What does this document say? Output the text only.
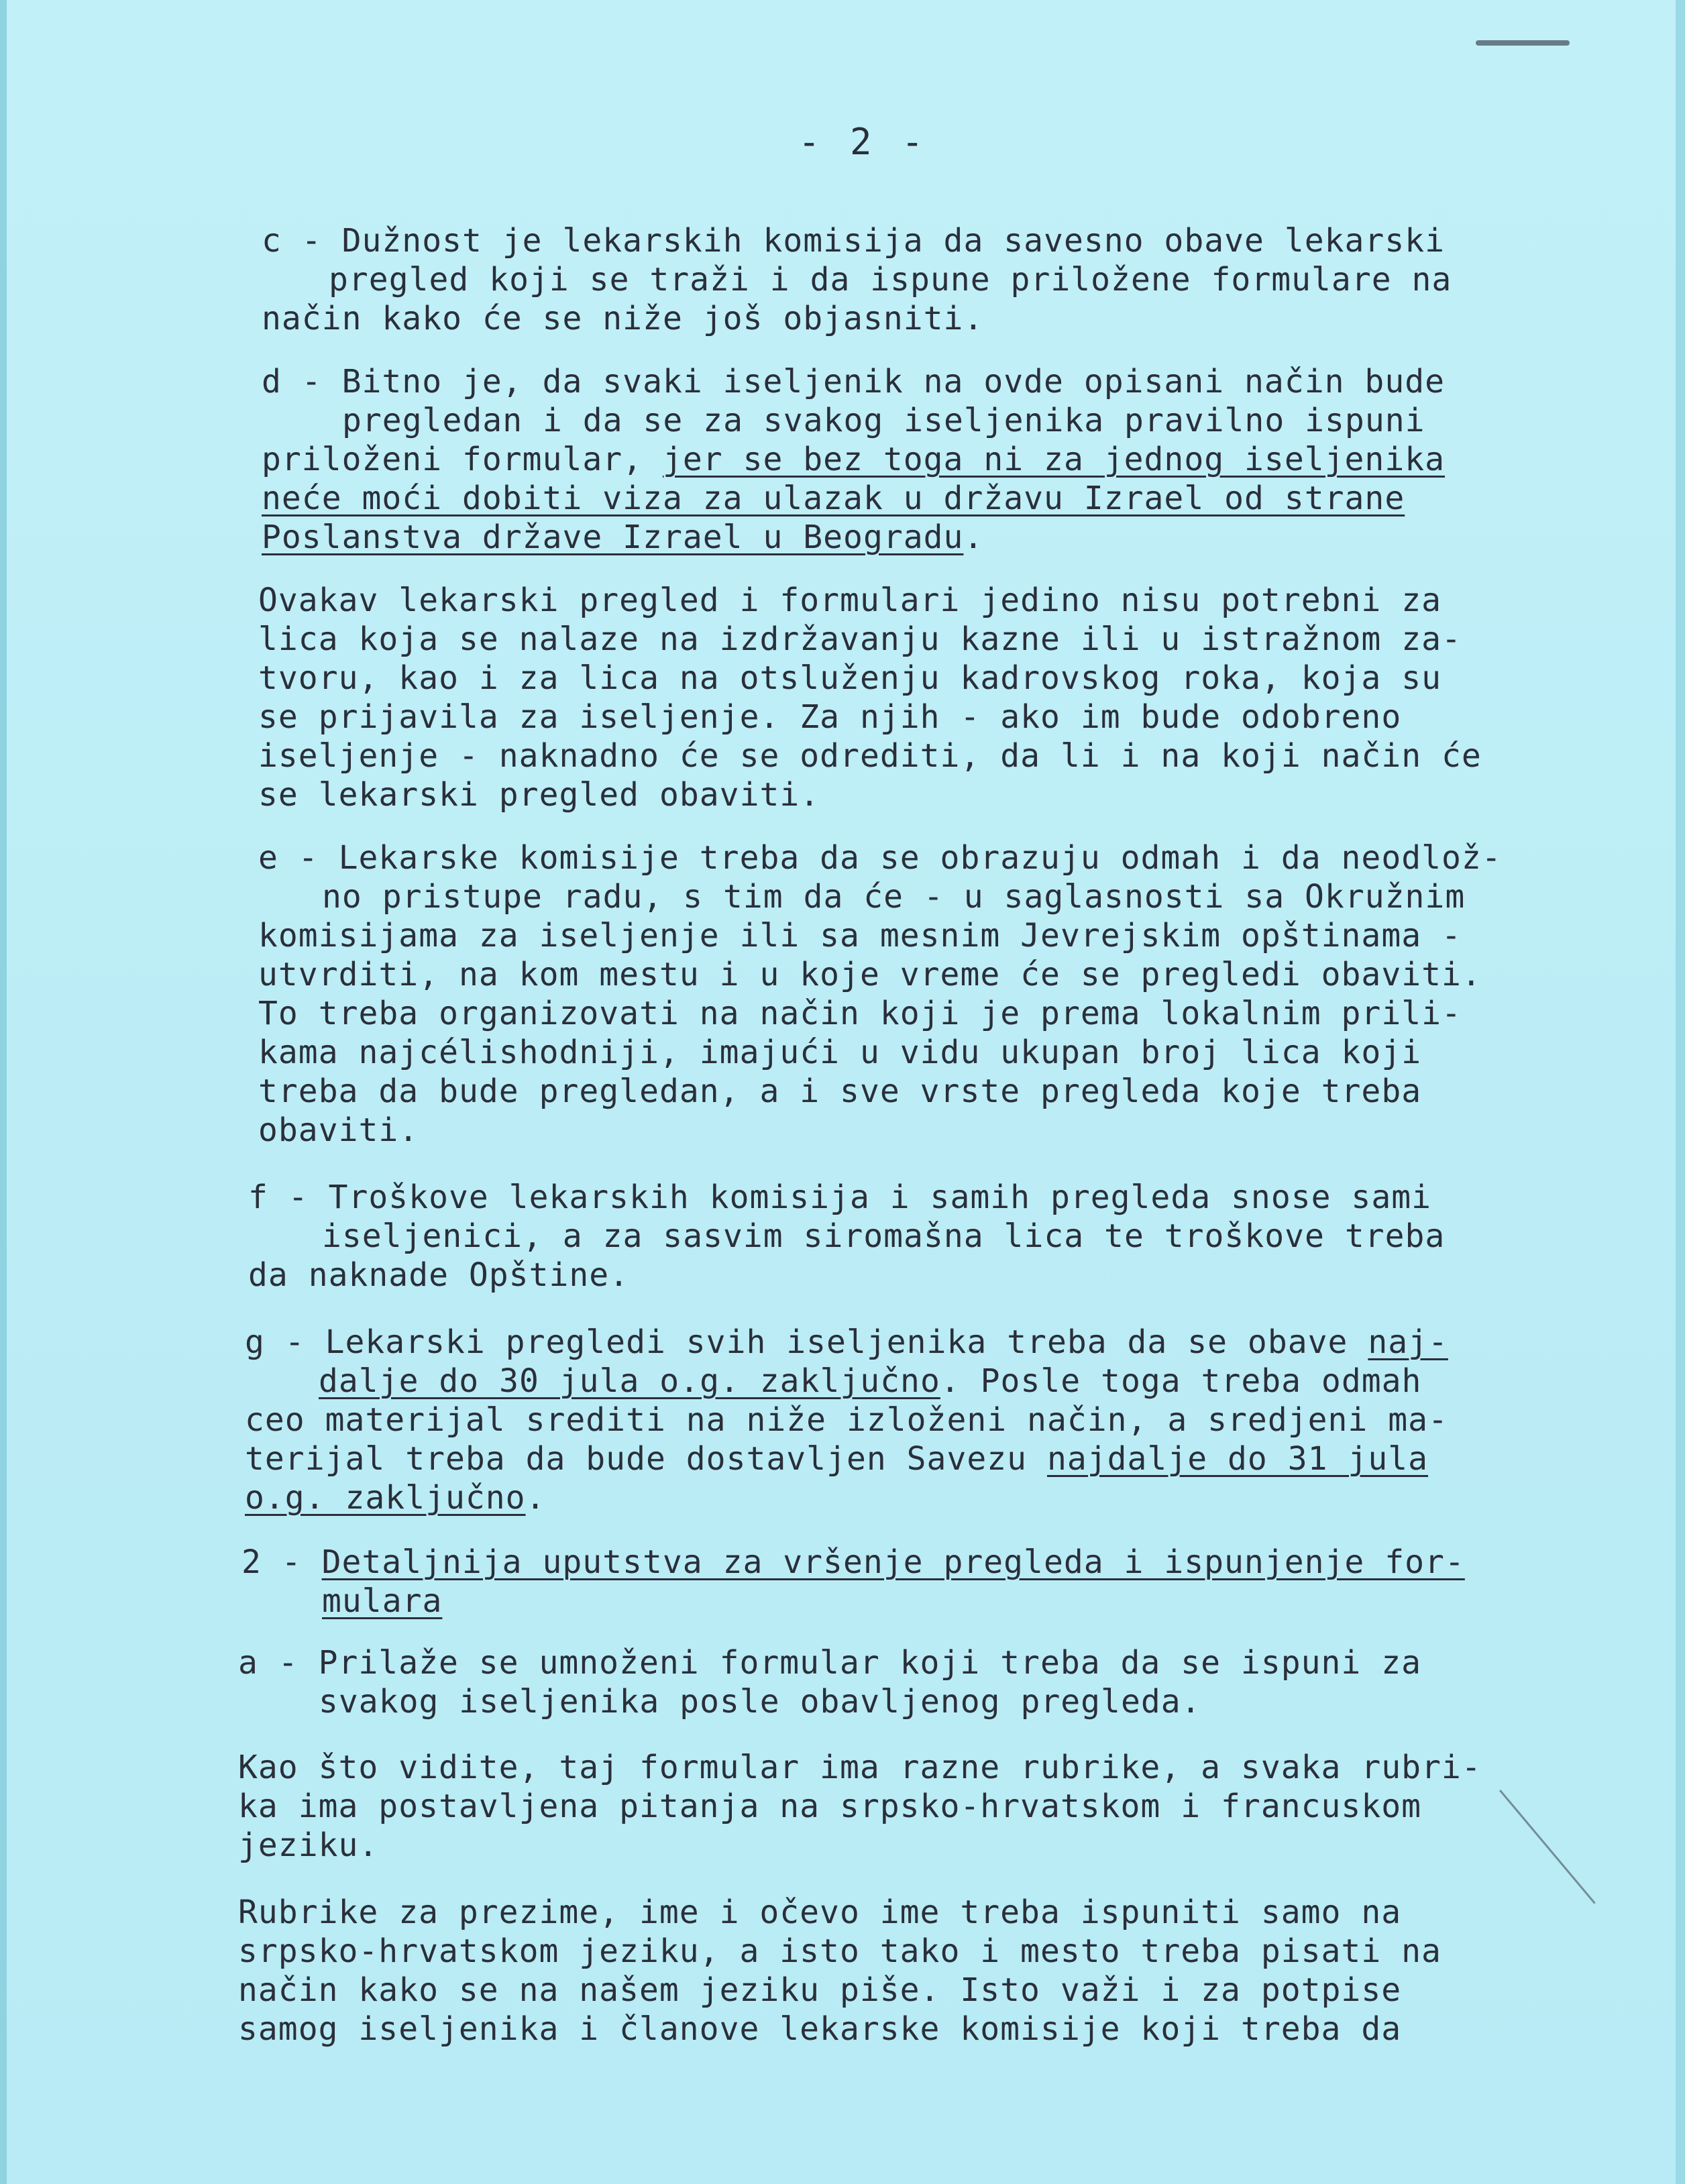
- 2 -
c - Dužnost je lekarskih komisija da savesno obave lekarski
pregled koji se traži i da ispune priložene formulare na
način kako će se niže još objasniti.
d - Bitno je, da svaki iseljenik na ovde opisani način bude
pregledan i da se za svakog iseljenika pravilno ispuni
priloženi formular, jer se bez toga ni za jednog iseljenika
neće moći dobiti viza za ulazak u državu Izrael od strane
Poslanstva države Izrael u Beogradu.
Ovakav lekarski pregled i formulari jedino nisu potrebni za
lica koja se nalaze na izdržavanju kazne ili u istražnom za-
tvoru, kao i za lica na otsluženju kadrovskog roka, koja su
se prijavila za iseljenje. Za njih - ako im bude odobreno
iseljenje - naknadno će se odrediti, da li i na koji način će
se lekarski pregled obaviti.
e - Lekarske komisije treba da se obrazuju odmah i da neodlož-
no pristupe radu, s tim da će - u saglasnosti sa Okružnim
komisijama za iseljenje ili sa mesnim Jevrejskim opštinama -
utvrditi, na kom mestu i u koje vreme će se pregledi obaviti.
To treba organizovati na način koji je prema lokalnim prili-
kama najcélishodniji, imajući u vidu ukupan broj lica koji
treba da bude pregledan, a i sve vrste pregleda koje treba
obaviti.
f - Troškove lekarskih komisija i samih pregleda snose sami
iseljenici, a za sasvim siromašna lica te troškove treba
da naknade Opštine.
g - Lekarski pregledi svih iseljenika treba da se obave naj-
dalje do 30 jula o.g. zaključno. Posle toga treba odmah
ceo materijal srediti na niže izloženi način, a sredjeni ma-
terijal treba da bude dostavljen Savezu najdalje do 31 jula
o.g. zaključno.
2 - Detaljnija uputstva za vršenje pregleda i ispunjenje for-
mulara
a - Prilaže se umnoženi formular koji treba da se ispuni za
svakog iseljenika posle obavljenog pregleda.
Kao što vidite, taj formular ima razne rubrike, a svaka rubri-
ka ima postavljena pitanja na srpsko-hrvatskom i francuskom
jeziku.
Rubrike za prezime, ime i očevo ime treba ispuniti samo na
srpsko-hrvatskom jeziku, a isto tako i mesto treba pisati na
način kako se na našem jeziku piše. Isto važi i za potpise
samog iseljenika i članove lekarske komisije koji treba da
